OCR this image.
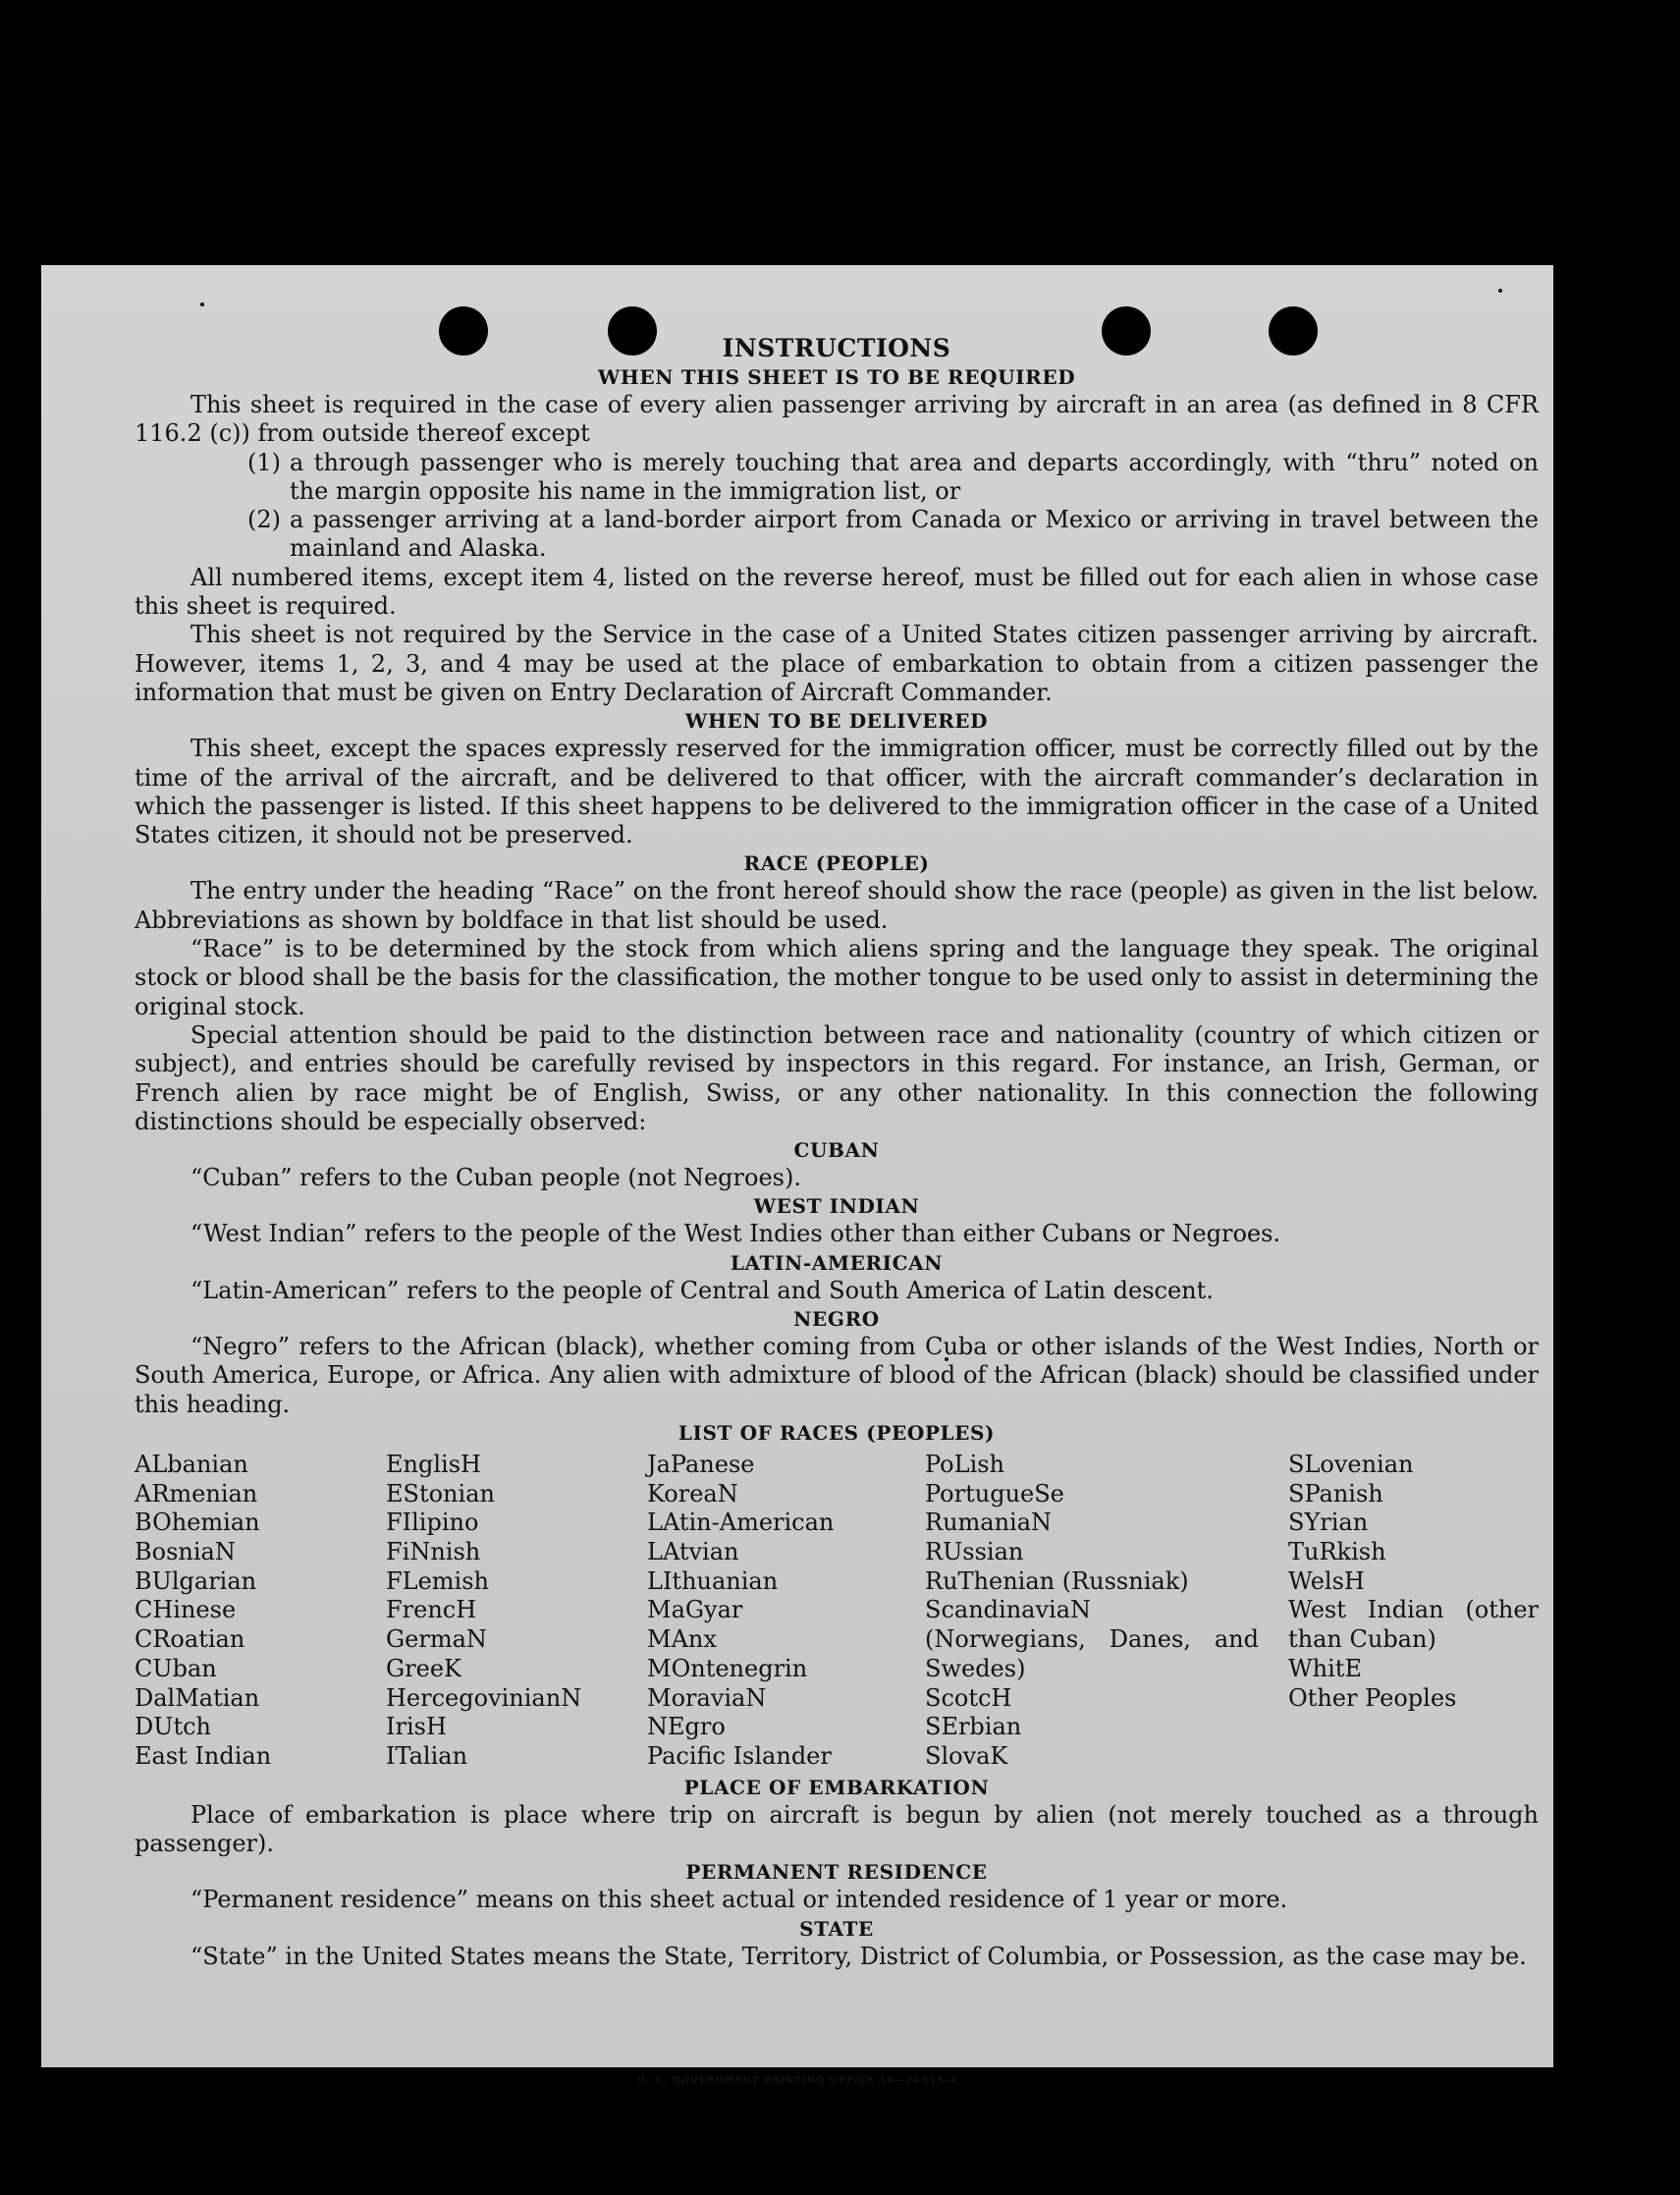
INSTRUCTIONS
WHEN THIS SHEET IS TO BE REQUIRED

This sheet is required in the case of every alien passenger arriving by aircraft in an area (as defined in 8 CFR 116.2 (c)) from outside thereof except

(1) a through passenger who is merely touching that area and departs accordingly, with “thru” noted on the margin opposite his name in the immigration list, or
(2) a passenger arriving at a land-border airport from Canada or Mexico or arriving in travel between the mainland and Alaska.

All numbered items, except item 4, listed on the reverse hereof, must be filled out for each alien in whose case this sheet is required.

This sheet is not required by the Service in the case of a United States citizen passenger arriving by aircraft. However, items 1, 2, 3, and 4 may be used at the place of embarkation to obtain from a citizen passenger the information that must be given on Entry Declaration of Aircraft Commander.

WHEN TO BE DELIVERED

This sheet, except the spaces expressly reserved for the immigration officer, must be correctly filled out by the time of the arrival of the aircraft, and be delivered to that officer, with the aircraft commander’s declaration in which the passenger is listed. If this sheet happens to be delivered to the immigration officer in the case of a United States citizen, it should not be preserved.

RACE (PEOPLE)

The entry under the heading “Race” on the front hereof should show the race (people) as given in the list below. Abbreviations as shown by boldface in that list should be used.

“Race” is to be determined by the stock from which aliens spring and the language they speak. The original stock or blood shall be the basis for the classification, the mother tongue to be used only to assist in determining the original stock.

Special attention should be paid to the distinction between race and nationality (country of which citizen or subject), and entries should be carefully revised by inspectors in this regard. For instance, an Irish, German, or French alien by race might be of English, Swiss, or any other nationality. In this connection the following distinctions should be especially observed:

CUBAN

“Cuban” refers to the Cuban people (not Negroes).

WEST INDIAN

“West Indian” refers to the people of the West Indies other than either Cubans or Negroes.

LATIN-AMERICAN

“Latin-American” refers to the people of Central and South America of Latin descent.

NEGRO

“Negro” refers to the African (black), whether coming from Cuba or other islands of the West Indies, North or South America, Europe, or Africa. Any alien with admixture of blood of the African (black) should be classified under this heading.

LIST OF RACES (PEOPLES)
ALbanian
ARmenian
BOhemian
BosniaN
BUlgarian
CHinese
CRoatian
CUban
DalMatian
DUtch
East Indian
EnglisH
EStonian
FIlipino
FiNnish
FLemish
FrencH
GermaN
GreeK
HercegovinianN
IrisH
ITalian
JaPanese
KoreaN
LAtin-American
LAtvian
LIthuanian
MaGyar
MAnx
MOntenegrin
MoraviaN
NEgro
Pacific Islander
PoLish
PortugueSe
RumaniaN
RUssian
RuThenian (Russniak)
ScandinaviaN (Norwegians, Danes, and Swedes)
ScotcH
SErbian
SlovaK
SLovenian
SPanish
SYrian
TuRkish
WelsH
West Indian (other than Cuban)
WhitE
Other Peoples
PLACE OF EMBARKATION

Place of embarkation is place where trip on aircraft is begun by alien (not merely touched as a through passenger).

PERMANENT RESIDENCE

“Permanent residence” means on this sheet actual or intended residence of 1 year or more.

STATE

“State” in the United States means the State, Territory, District of Columbia, or Possession, as the case may be.

U. S. GOVERNMENT PRINTING OFFICE 16—24915-4
